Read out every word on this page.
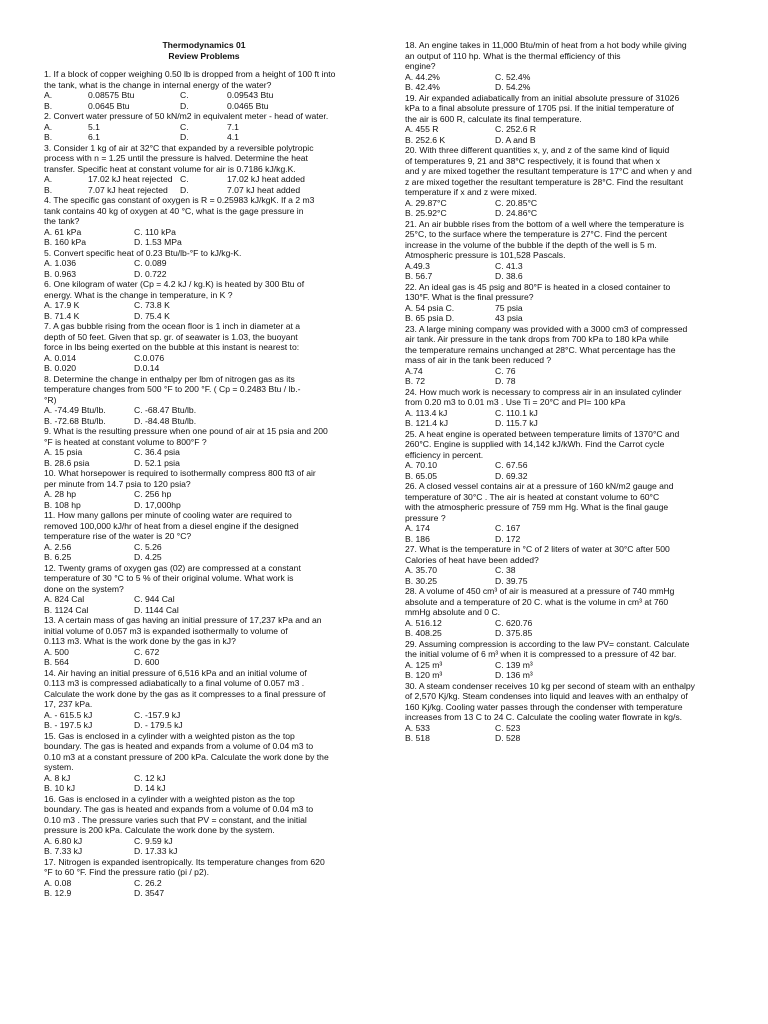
Thermodynamics 01
Review Problems
1. If a block of copper weighing 0.50 lb is dropped from a height of 100 ft into
the tank, what is the change in internal energy of the water?
A.	0.08575 Btu	C.	0.09543 Btu
B.	0.0645 Btu	D.	0.0465 Btu
2. Convert water pressure of 50 kN/m2 in equivalent meter - head of water.
A.	5.1	C.	7.1
B.	6.1	D.	4.1
3. Consider 1 kg of air at 32°C that expanded by a reversible polytropic
process with n = 1.25 until the pressure is halved. Determine the heat
transfer. Specific heat at constant volume for air is 0.7186 kJ/kg.K.
A.	17.02 kJ heat rejected C.	17.02 kJ heat added
B.	7.07 kJ heat rejected D.	7.07 kJ heat added
4. The specific gas constant of oxygen is R = 0.25983 kJ/kgK. If a 2 m3
tank contains 40 kg of oxygen at 40 °C, what is the gage pressure in
the tank?
A. 61 kPa	C. 110 kPa
B. 160 kPa	D. 1.53 MPa
5. Convert specific heat of 0.23 Btu/lb-°F to kJ/kg-K.
A. 1.036	C. 0.089
B. 0.963	D. 0.722
6. One kilogram of water (Cp = 4.2 kJ / kg.K) is heated by 300 Btu of
energy. What is the change in temperature, in K ?
A. 17.9 K	C. 73.8 K
B. 71.4 K	D. 75.4 K
7. A gas bubble rising from the ocean floor is 1 inch in diameter at a
depth of 50 feet. Given that sp. gr. of seawater is 1.03, the buoyant
force in lbs being exerted on the bubble at this instant is nearest to:
A. 0.014	C.0.076
B. 0.020	D.0.14
8. Determine the change in enthalpy per lbm of nitrogen gas as its
temperature changes from 500 °F to 200 °F. ( Cp = 0.2483 Btu / lb.-
°R)
A. -74.49 Btu/lb.	C. -68.47 Btu/lb.
B. -72.68 Btu/lb.	D. -84.48 Btu/lb.
9. What is the resulting pressure when one pound of air at 15 psia and 200
°F is heated at constant volume to 800°F ?
A. 15 psia	C. 36.4 psia
B. 28.6 psia	D. 52.1 psia
10. What horsepower is required to isothermally compress 800 ft3 of air
per minute from 14.7 psia to 120 psia?
A. 28 hp	C. 256 hp
B. 108 hp	D. 17,000hp
11. How many gallons per minute of cooling water are required to
removed 100,000 kJ/hr of heat from a diesel engine if the designed
temperature rise of the water is 20 °C?
A. 2.56	C. 5.26
B. 6.25	D. 4.25
12. Twenty grams of oxygen gas (02) are compressed at a constant
temperature of 30 °C to 5 % of their original volume. What work is
done on the system?
A. 824 Cal	C. 944 Cal
B. 1124 Cal	D. 1144 Cal
13. A certain mass of gas having an initial pressure of 17,237 kPa and an
initial volume of 0.057 m3 is expanded isothermally to volume of
0.113 m3. What is the work done by the gas in kJ?
A. 500	C. 672
B. 564	D. 600
14. Air having an initial pressure of 6,516 kPa and an initial volume of
0.113 m3 is compressed adiabatically to a final volume of 0.057 m3 .
Calculate the work done by the gas as it compresses to a final pressure of
17, 237 kPa.
A. - 615.5 kJ	C. -157.9 kJ
B. - 197.5 kJ	D. - 179.5 kJ
15. Gas is enclosed in a cylinder with a weighted piston as the top
boundary. The gas is heated and expands from a volume of 0.04 m3 to
0.10 m3 at a constant pressure of 200 kPa. Calculate the work done by the
system.
A. 8 kJ	C. 12 kJ
B. 10 kJ	D. 14 kJ
16. Gas is enclosed in a cylinder with a weighted piston as the top
boundary. The gas is heated and expands from a volume of 0.04 m3 to
0.10 m3 . The pressure varies such that PV = constant, and the initial
pressure is 200 kPa. Calculate the work done by the system.
A. 6.80 kJ	C. 9.59 kJ
B. 7.33 kJ	D. 17.33 kJ
17. Nitrogen is expanded isentropically. Its temperature changes from 620
°F to 60 °F. Find the pressure ratio (pi / p2).
A. 0.08	C. 26.2
B. 12.9	D. 3547
18. An engine takes in 11,000 Btu/min of heat from a hot body while giving
an output of 110 hp. What is the thermal efficiency of this
engine?
A. 44.2%	C. 52.4%
B. 42.4%	D. 54.2%
19. Air expanded adiabatically from an initial absolute pressure of 31026
kPa to a final absolute pressure of 1705 psi. If the initial temperature of
the air is 600 R, calculate its final temperature.
A. 455 R	C. 252.6 R
B. 252.6 K	D. A and B
20. With three different quantities x, y, and z of the same kind of liquid
of temperatures 9, 21 and 38°C respectively, it is found that when x
and y are mixed together the resultant temperature is 17°C and when y and
z are mixed together the resultant temperature is 28°C. Find the resultant
temperature if x and z were mixed.
A. 29.87°C	C. 20.85°C
B. 25.92°C	D. 24.86°C
21. An air bubble rises from the bottom of a well where the temperature is
25°C, to the surface where the temperature is 27°C. Find the percent
increase in the volume of the bubble if the depth of the well is 5 m.
Atmospheric pressure is 101,528 Pascals.
A.49.3	C. 41.3
B. 56.7	D. 38.6
22. An ideal gas is 45 psig and 80°F is heated in a closed container to
130°F. What is the final pressure?
A. 54 psia C.	75 psia
B. 65 psia D.	43 psia
23. A large mining company was provided with a 3000 cm3 of compressed
air tank. Air pressure in the tank drops from 700 kPa to 180 kPa while
the temperature remains unchanged at 28°C. What percentage has the
mass of air in the tank been reduced ?
A.74	C. 76
B. 72	D. 78
24. How much work is necessary to compress air in an insulated cylinder
from 0.20 m3 to 0.01 m3 . Use Ti = 20°C and PI= 100 kPa
A. 113.4 kJ	C. 110.1 kJ
B. 121.4 kJ	D. 115.7 kJ
25. A heat engine is operated between temperature limits of 1370°C and
260°C. Engine is supplied with 14,142 kJ/kWh. Find the Carrot cycle
efficiency in percent.
A. 70.10	C. 67.56
B. 65.05	D. 69.32
26. A closed vessel contains air at a pressure of 160 kN/m2 gauge and
temperature of 30°C . The air is heated at constant volume to 60°C
with the atmospheric pressure of 759 mm Hg. What is the final gauge
pressure ?
A. 174	C. 167
B. 186	D. 172
27. What is the temperature in °C of 2 liters of water at 30°C after 500
Calories of heat have been added?
A. 35.70	C. 38
B. 30.25	D. 39.75
28. A volume of 450 cm³ of air is measured at a pressure of 740 mmHg
absolute and a temperature of 20 C. what is the volume in cm³ at 760
mmHg absolute and 0 C.
A. 516.12	C. 620.76
B. 408.25	D. 375.85
29. Assuming compression is according to the law PV= constant. Calculate
the initial volume of 6 m³ when it is compressed to a pressure of 42 bar.
A. 125 m³	C. 139 m³
B. 120 m³	D. 136 m³
30. A steam condenser receives 10 kg per second of steam with an enthalpy
of 2,570 Kj/kg. Steam condenses into liquid and leaves with an enthalpy of
160 Kj/kg. Cooling water passes through the condenser with temperature
increases from 13 C to 24 C. Calculate the cooling water flowrate in kg/s.
A. 533	C. 523
B. 518	D. 528
